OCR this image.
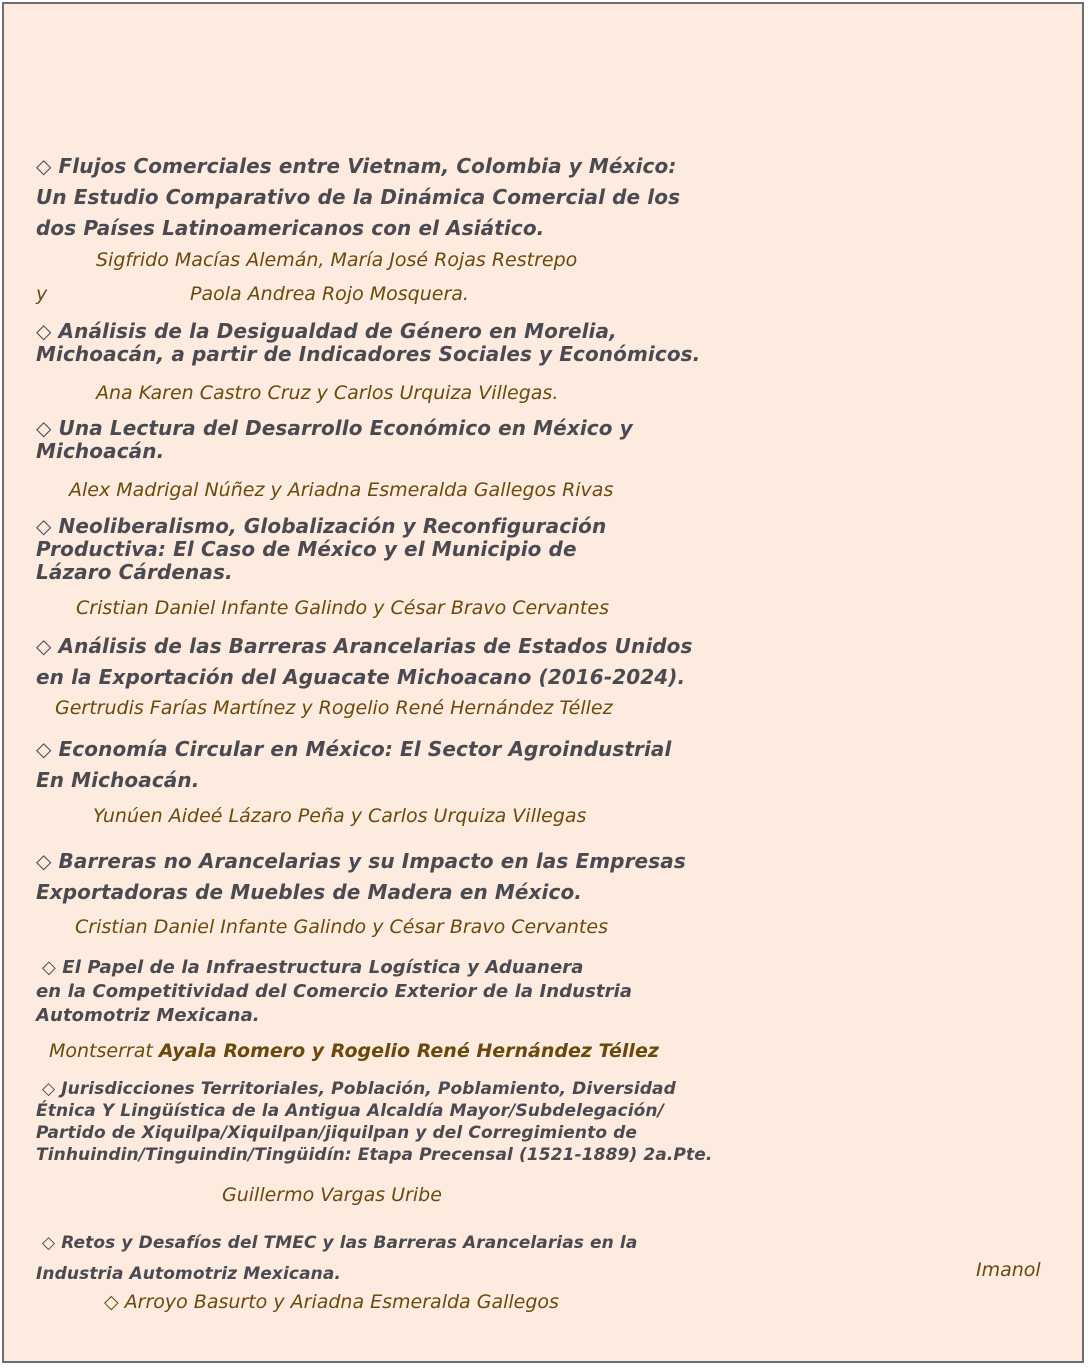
◇ Flujos Comerciales entre Vietnam, Colombia y México:
Un Estudio Comparativo de la Dinámica Comercial de los
dos Países Latinoamericanos con el Asiático.
Sigfrido Macías Alemán, María José Rojas Restrepo
y	Paola Andrea Rojo Mosquera.
◇ Análisis de la Desigualdad de Género en Morelia,
Michoacán, a partir de Indicadores Sociales y Económicos.
Ana Karen Castro Cruz y Carlos Urquiza Villegas.
◇ Una Lectura del Desarrollo Económico en México y
Michoacán.
Alex Madrigal Núñez y Ariadna Esmeralda Gallegos Rivas
◇ Neoliberalismo, Globalización y Reconfiguración
Productiva: El Caso de México y el Municipio de
Lázaro Cárdenas.
Cristian Daniel Infante Galindo y César Bravo Cervantes
◇ Análisis de las Barreras Arancelarias de Estados Unidos
en la Exportación del Aguacate Michoacano (2016-2024).
Gertrudis Farías Martínez y Rogelio René Hernández Téllez
◇ Economía Circular en México: El Sector Agroindustrial
En Michoacán.
Yunúen Aideé Lázaro Peña y Carlos Urquiza Villegas
◇ Barreras no Arancelarias y su Impacto en las Empresas
Exportadoras de Muebles de Madera en México.
Cristian Daniel Infante Galindo y César Bravo Cervantes
◇ El Papel de la Infraestructura Logística y Aduanera
en la Competitividad del Comercio Exterior de la Industria
Automotriz Mexicana.
Montserrat Ayala Romero y Rogelio René Hernández Téllez
◇ Jurisdicciones Territoriales, Población, Poblamiento, Diversidad
Étnica Y Lingüística de la Antigua Alcaldía Mayor/Subdelegación/
Partido de Xiquilpa/Xiquilpan/jiquilpan y del Corregimiento de
Tinhuindin/Tinguindin/Tingüidín: Etapa Precensal (1521-1889) 2a.Pte.
Guillermo Vargas Uribe
◇ Retos y Desafíos del TMEC y las Barreras Arancelarias en la
Industria Automotriz Mexicana.	Imanol
◇ Arroyo Basurto y Ariadna Esmeralda Gallegos
